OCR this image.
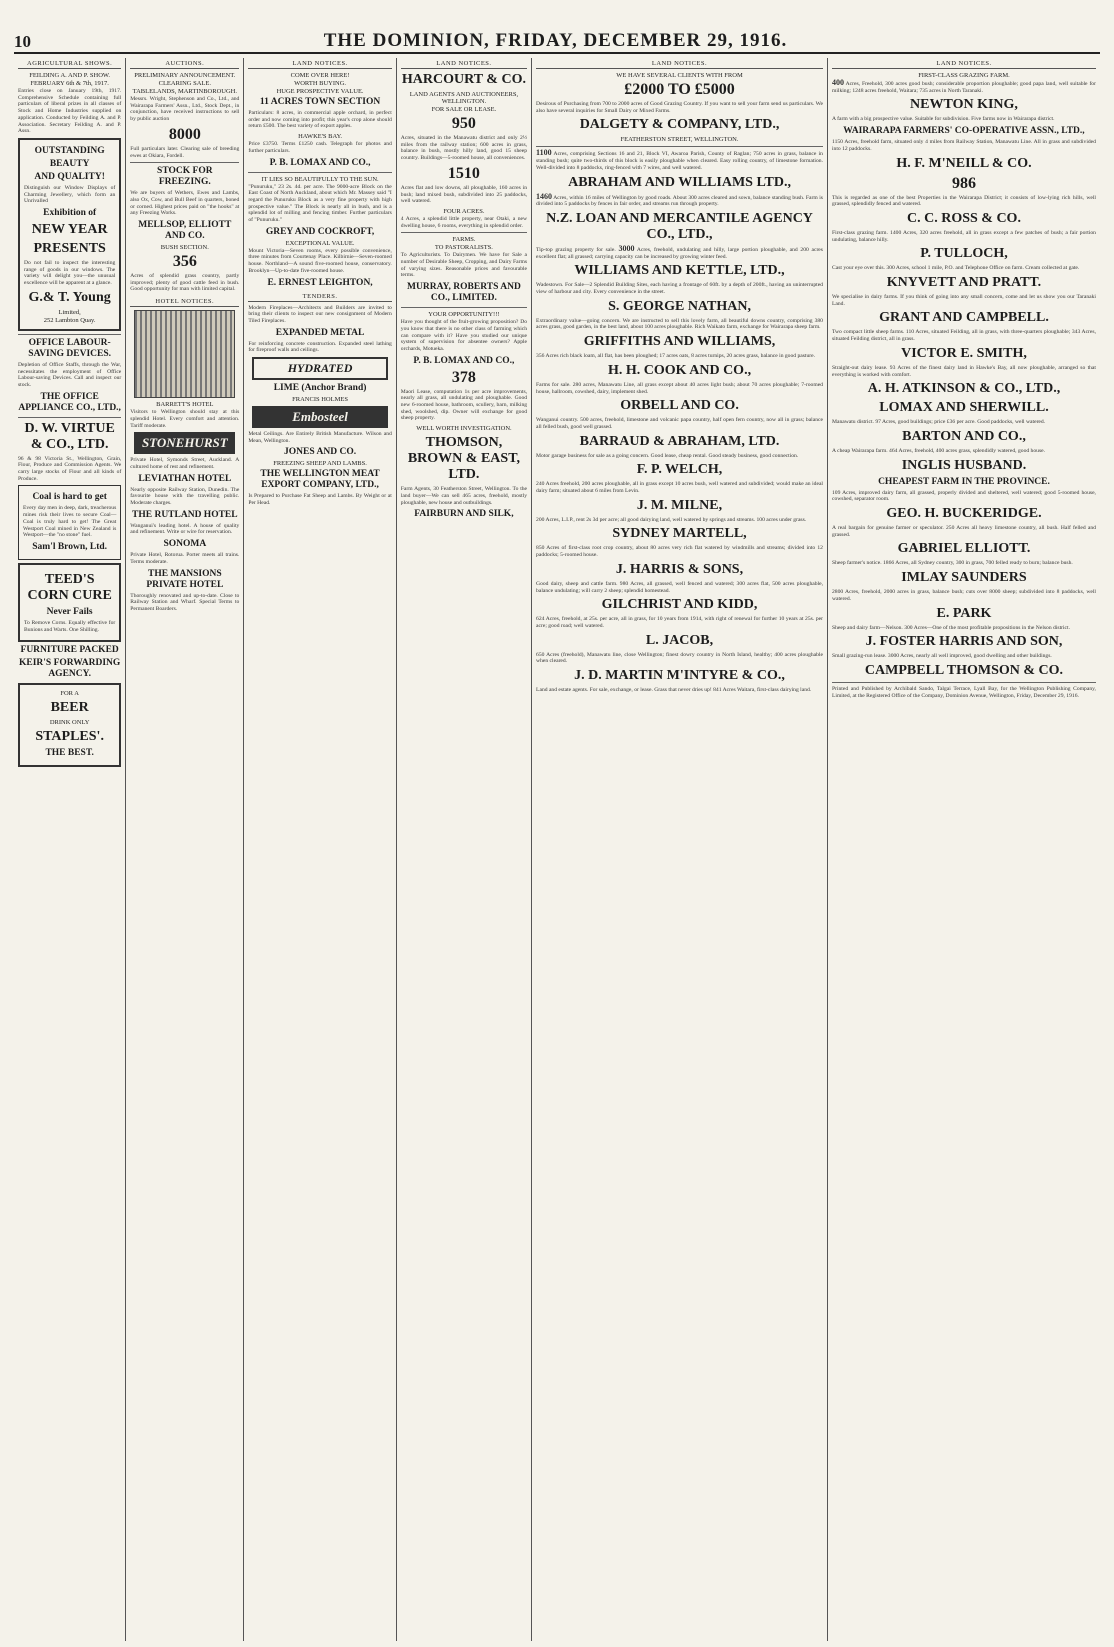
10	THE DOMINION, FRIDAY, DECEMBER 29, 1916.
AGRICULTURAL SHOWS.
FEILDING A. AND P. SHOW.
FEBRUARY 6th & 7th, 1917.
Entries close on January 19th, 1917. Comprehensive Schedule containing full particulars of liberal prizes in all classes of Stock and Home Industries supplied on application. Conducted by Feilding A. and P. Association. Secretary Feilding A. and P. Assn.
OUTSTANDING
BEAUTY
AND QUALITY!
Distinguish our Window Displays of Charming Jewellery, which form an Unrivalled
Exhibition of
NEW YEAR
PRESENTS
Do not fail to inspect the interesting range of goods in our windows. The variety will delight you—the unusual excellence will be apparent at a glance.
G.& T. Young
Limited,
252 Lambton Quay.
OFFICE LABOUR-SAVING DEVICES.
Depletion of Office Staffs, through the War, necessitates the employment of Office Labour-saving Devices. Call and inspect our stock.
THE OFFICE APPLIANCE CO., LTD.,
D. W. VIRTUE & CO., LTD.
96 & 98 Victoria St., Wellington, Grain, Flour, Produce and Commission Agents. We carry large stocks of Flour and all kinds of Produce.
Coal is hard to get
Every day men in deep, dark, treacherous mines risk their lives to secure Coal—Coal is truly hard to get! The Great Westport Coal mined in New Zealand is Westport—the "no stone" fuel.
Sam'l Brown, Ltd.
TEED'S CORN CURE
Never Fails
To Remove Corns. Equally effective for Bunions and Warts. One Shilling.
FURNITURE PACKED
KEIR'S FORWARDING AGENCY.
FOR A
BEER
DRINK ONLY
STAPLES'.
THE BEST.
AUCTIONS.
PRELIMINARY ANNOUNCEMENT.
CLEARING SALE.
TABLELANDS, MARTINBOROUGH.
Messrs. Wright, Stephenson and Co., Ltd., and Wairarapa Farmers' Assn., Ltd., Stock Dept., in conjunction, have received instructions to sell by public auction
8000
Full particulars later. Clearing sale of breeding ewes at Okiara, Fordell.
STOCK FOR FREEZING.
We are buyers of Wethers, Ewes and Lambs, also Ox, Cow, and Bull Beef in quarters, boned or corned. Highest prices paid on "the hooks" at any Freezing Works.
MELLSOP, ELLIOTT AND CO.
BUSH SECTION.
356
Acres of splendid grass country, partly improved; plenty of good cattle feed in bush. Good opportunity for man with limited capital.
HOTEL NOTICES.
BARRETT'S HOTEL
Visitors to Wellington should stay at this splendid Hotel. Every comfort and attention. Tariff moderate.
STONEHURST
Private Hotel, Symonds Street, Auckland. A cultured home of rest and refinement.
LEVIATHAN HOTEL
Nearly opposite Railway Station, Dunedin. The favourite house with the travelling public. Moderate charges.
THE RUTLAND HOTEL
Wanganui's leading hotel. A house of quality and refinement. Write or wire for reservation.
SONOMA
Private Hotel, Rotorua. Porter meets all trains. Terms moderate.
THE MANSIONS PRIVATE HOTEL
Thoroughly renovated and up-to-date. Close to Railway Station and Wharf. Special Terms to Permanent Boarders.
LAND NOTICES.
COME OVER HERE!
WORTH BUYING.
HUGE PROSPECTIVE VALUE.
11 ACRES TOWN SECTION
Particulars: 8 acres, in commercial apple orchard, in perfect order and now coming into profit; this year's crop alone should return £500. The best variety of export apples.
HAWKE'S BAY.
Price £3750. Terms £1250 cash. Telegraph for photos and further particulars.
P. B. LOMAX AND CO.,
IT LIES SO BEAUTIFULLY TO THE SUN.
"Punuruku," 23 2s. 4d. per acre. The 9000-acre Block on the East Coast of North Auckland, about which Mr. Massey said "I regard the Punuruku Block as a very fine property with high prospective value." The Block is nearly all in bush, and is a splendid lot of milling and fencing timber. Further particulars of "Punuruku."
GREY AND COCKROFT,
EXCEPTIONAL VALUE.
Mount Victoria—Seven rooms, every possible convenience, three minutes from Courtenay Place. Kilbirnie—Seven-roomed house. Northland—A sound five-roomed house, conservatory. Brooklyn—Up-to-date five-roomed house.
E. ERNEST LEIGHTON,
TENDERS.
Modern Fireplaces—Architects and Builders are invited to bring their clients to inspect our new consignment of Modern Tiled Fireplaces.
EXPANDED METAL
For reinforcing concrete construction. Expanded steel lathing for fireproof walls and ceilings.
HYDRATED
LIME (Anchor Brand)
FRANCIS HOLMES
Embosteel
Metal Ceilings. Are Entirely British Manufacture. Wilson and Mean, Wellington.
JONES AND CO.
FREEZING SHEEP AND LAMBS.
THE WELLINGTON MEAT EXPORT COMPANY, LTD.,
Is Prepared to Purchase Fat Sheep and Lambs. By Weight or at Per Head.
LAND NOTICES.
HARCOURT & CO.
LAND AGENTS AND AUCTIONEERS, WELLINGTON.
FOR SALE OR LEASE.
950
Acres, situated in the Manawatu district and only 2½ miles from the railway station; 600 acres in grass, balance in bush, mostly hilly land, good 15 sheep country. Buildings—5-roomed house, all conveniences.
1510
Acres flat and low downs, all ploughable, 160 acres in bush; land mixed bush, subdivided into 25 paddocks, well watered.
FOUR ACRES.
4 Acres, a splendid little property, near Otaki, a new dwelling house, 6 rooms, everything in splendid order.
FARMS.
TO PASTORALISTS.
To Agriculturists. To Dairymen. We have for Sale a number of Desirable Sheep, Cropping, and Dairy Farms of varying sizes. Reasonable prices and favourable terms.
MURRAY, ROBERTS AND CO., LIMITED.
YOUR OPPORTUNITY!!!
Have you thought of the fruit-growing proposition? Do you know that there is no other class of farming which can compare with it? Have you studied our unique system of supervision for absentee owners? Apple orchards, Motueka.
P. B. LOMAX AND CO.,
378
Maori Lease, computation 1s per acre improvements, nearly all grass, all undulating and ploughable. Good new 6-roomed house, bathroom, scullery, barn, milking shed, woolshed, dip. Owner will exchange for good sheep property.
WELL WORTH INVESTIGATION.
THOMSON, BROWN & EAST, LTD.
Farm Agents, 30 Featherston Street, Wellington. To the land buyer—We can sell 465 acres, freehold, mostly ploughable, new house and outbuildings.
FAIRBURN AND SILK,
LAND NOTICES.
WE HAVE SEVERAL CLIENTS WITH FROM
£2000 TO £5000
Desirous of Purchasing from 700 to 2000 acres of Good Grazing Country. If you want to sell your farm send us particulars. We also have several inquiries for Small Dairy or Mixed Farms.
DALGETY & COMPANY, LTD.,
FEATHERSTON STREET, WELLINGTON.
1100 Acres, comprising Sections 16 and 21, Block VI, Awaroa Parish, County of Raglan; 750 acres in grass, balance in standing bush; quite two-thirds of this block is easily ploughable when cleared. Easy rolling country, of limestone formation. Well-divided into 8 paddocks, ring-fenced with 7 wires, and well watered.
ABRAHAM AND WILLIAMS LTD.,
1460 Acres, within 16 miles of Wellington by good roads. About 300 acres cleared and sown, balance standing bush. Farm is divided into 5 paddocks by fences in fair order, and streams run through property.
N.Z. LOAN AND MERCANTILE AGENCY CO., LTD.,
Tip-top grazing property for sale. 3000 Acres, freehold, undulating and hilly, large portion ploughable, and 200 acres excellent flat; all grassed; carrying capacity can be increased by growing winter feed.
WILLIAMS AND KETTLE, LTD.,
Wadestown. For Sale—2 Splendid Building Sites, each having a frontage of 60ft. by a depth of 200ft., having an uninterrupted view of harbour and city. Every convenience in the street.
S. GEORGE NATHAN,
Extraordinary value—going concern. We are instructed to sell this lovely farm, all beautiful downs country, comprising 380 acres grass, good garden, in the best land, about 100 acres ploughable. Rich Waikato farm, exchange for Wairarapa sheep farm.
GRIFFITHS AND WILLIAMS,
356 Acres rich black loam, all flat, has been ploughed; 17 acres oats, 8 acres turnips, 20 acres grass, balance in good pasture.
H. H. COOK AND CO.,
Farms for sale. 280 acres, Manawatu Line, all grass except about 40 acres light bush; about 70 acres ploughable; 7-roomed house, hallroom, cowshed, dairy, implement shed.
ORBELL AND CO.
Wanganui country. 500 acres, freehold, limestone and volcanic papa country, half open fern country, now all in grass; balance all felled bush, good well grassed.
BARRAUD & ABRAHAM, LTD.
Motor garage business for sale as a going concern. Good lease, cheap rental. Good steady business, good connection.
F. P. WELCH,
240 Acres freehold, 200 acres ploughable, all in grass except 10 acres bush, well watered and subdivided; would make an ideal dairy farm; situated about 6 miles from Levin.
J. M. MILNE,
200 Acres, L.I.P., rent 2s 3d per acre; all good dairying land, well watered by springs and streams. 100 acres under grass.
SYDNEY MARTELL,
850 Acres of first-class root crop country, about 80 acres very rich flat watered by windmills and streams; divided into 12 paddocks; 5-roomed house.
J. HARRIS & SONS,
Good dairy, sheep and cattle farm. 980 Acres, all grassed, well fenced and watered; 300 acres flat, 500 acres ploughable, balance undulating; will carry 2 sheep; splendid homestead.
GILCHRIST AND KIDD,
624 Acres, freehold, at 25s. per acre, all in grass, for 10 years from 1914, with right of renewal for further 10 years at 25s. per acre; good road; well watered.
L. JACOB,
650 Acres (freehold), Manawatu line, close Wellington; finest dowry country in North Island, healthy; 400 acres ploughable when cleared.
J. D. MARTIN M'INTYRE & CO.,
Land and estate agents. For sale, exchange, or lease. Grass that never dries up! 841 Acres Waitara, first-class dairying land.
LAND NOTICES.
FIRST-CLASS GRAZING FARM.
400 Acres, Freehold, 300 acres good bush; considerable proportion ploughable; good papa land, well suitable for milking; 1248 acres freehold, Waitara; 735 acres in North Taranaki.
NEWTON KING,
A farm with a big prospective value. Suitable for subdivision. Five farms now in Wairarapa district.
WAIRARAPA FARMERS' CO-OPERATIVE ASSN., LTD.,
1150 Acres, freehold farm, situated only 4 miles from Railway Station, Manawatu Line. All in grass and subdivided into 12 paddocks.
H. F. M'NEILL & CO.
986
This is regarded as one of the best Properties in the Wairarapa District; it consists of low-lying rich hills, well grassed, splendidly fenced and watered.
C. C. ROSS & CO.
First-class grazing farm. 1400 Acres, 320 acres freehold, all in grass except a few patches of bush; a fair portion undulating, balance hilly.
P. TULLOCH,
Cast your eye over this. 300 Acres, school 1 mile, P.O. and Telephone Office on farm. Cream collected at gate.
KNYVETT AND PRATT.
We specialise in dairy farms. If you think of going into any small concern, come and let us show you our Taranaki Land.
GRANT AND CAMPBELL.
Two compact little sheep farms. 110 Acres, situated Feilding, all in grass, with three-quarters ploughable; 343 Acres, situated Feilding district, all in grass.
VICTOR E. SMITH,
Straight-out dairy lease. 93 Acres of the finest dairy land in Hawke's Bay, all now ploughable, arranged so that everything is worked with comfort.
A. H. ATKINSON & CO., LTD.,
LOMAX AND SHERWILL.
Manawatu district. 97 Acres, good buildings; price £36 per acre. Good paddocks, well watered.
BARTON AND CO.,
A cheap Wairarapa farm. 464 Acres, freehold, 400 acres grass, splendidly watered, good house.
INGLIS HUSBAND.
CHEAPEST FARM IN THE PROVINCE.
109 Acres, improved dairy farm, all grassed, properly divided and sheltered, well watered; good 5-roomed house, cowshed, separator room.
GEO. H. BUCKERIDGE.
A real bargain for genuine farmer or speculator. 250 Acres all heavy limestone country, all bush. Half felled and grassed.
GABRIEL ELLIOTT.
Sheep farmer's notice. 1866 Acres, all Sydney country, 300 in grass, 700 felled ready to burn; balance bush.
IMLAY SAUNDERS
2800 Acres, freehold, 2000 acres in grass, balance bush; cuts over 8000 sheep; subdivided into 8 paddocks, well watered.
E. PARK
Sheep and dairy farm—Nelson. 300 Acres—One of the most profitable propositions in the Nelson district.
J. FOSTER HARRIS AND SON,
Small grazing-run lease. 3000 Acres, nearly all well improved, good dwelling and other buildings.
CAMPBELL THOMSON & CO.
Printed and Published by Archibald Sando, Talgai Terrace, Lyall Bay, for the Wellington Publishing Company, Limited, at the Registered Office of the Company, Dominion Avenue, Wellington, Friday, December 29, 1916.
